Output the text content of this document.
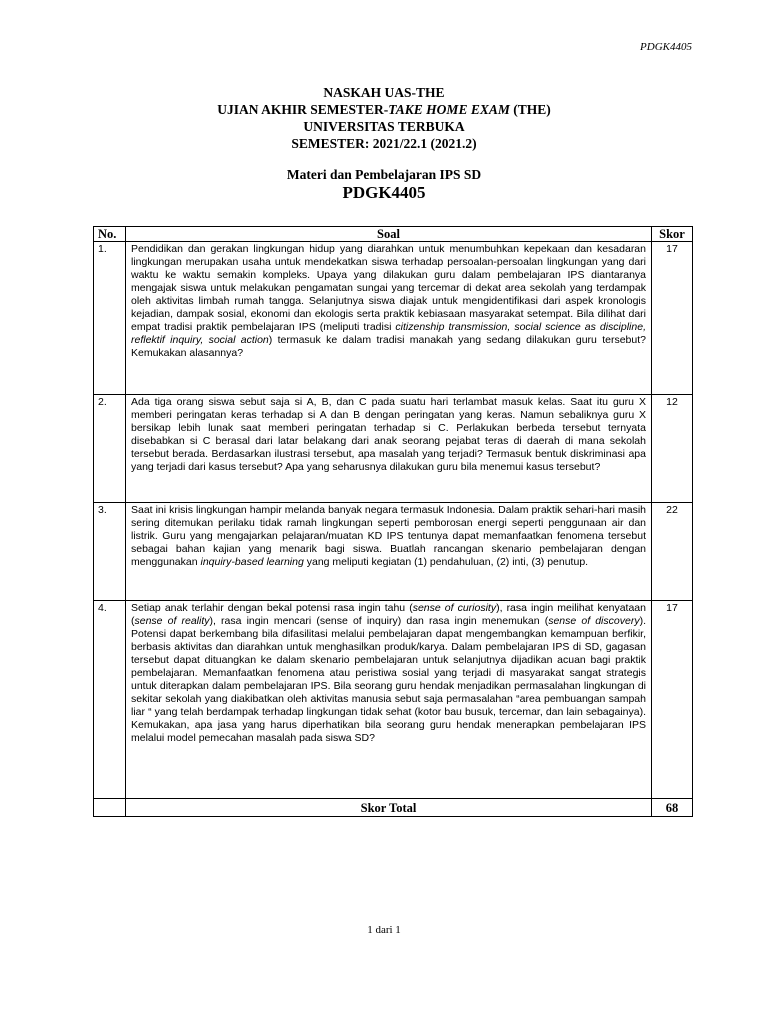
PDGK4405
NASKAH UAS-THE
UJIAN AKHIR SEMESTER-TAKE HOME EXAM (THE)
UNIVERSITAS TERBUKA
SEMESTER: 2021/22.1 (2021.2)
Materi dan Pembelajaran IPS SD
PDGK4405
No.	Soal	Skor
1.	Pendidikan dan gerakan lingkungan hidup yang diarahkan untuk menumbuhkan kepekaan dan kesadaran lingkungan merupakan usaha untuk mendekatkan siswa terhadap persoalan-persoalan lingkungan yang dari waktu ke waktu semakin kompleks. Upaya yang dilakukan guru dalam pembelajaran IPS diantaranya mengajak siswa untuk melakukan pengamatan sungai yang tercemar di dekat area sekolah yang terdampak oleh aktivitas limbah rumah tangga. Selanjutnya siswa diajak untuk mengidentifikasi dari aspek kronologis kejadian, dampak sosial, ekonomi dan ekologis serta praktik kebiasaan masyarakat setempat. Bila dilihat dari empat tradisi praktik pembelajaran IPS (meliputi tradisi citizenship transmission, social science as discipline, reflektif inquiry, social action) termasuk ke dalam tradisi manakah yang sedang dilakukan guru tersebut?Kemukakan alasannya?	17
2.	Ada tiga orang siswa sebut saja si A, B, dan C pada suatu hari terlambat masuk kelas. Saat itu guru X memberi peringatan keras terhadap si A dan B dengan peringatan yang keras. Namun sebaliknya guru X bersikap lebih lunak saat memberi peringatan terhadap si C. Perlakukan berbeda tersebut ternyata disebabkan si C berasal dari latar belakang dari anak seorang pejabat teras di daerah di mana sekolah tersebut berada. Berdasarkan ilustrasi tersebut, apa masalah yang terjadi? Termasuk bentuk diskriminasi apa yang terjadi dari kasus tersebut? Apa yang seharusnya dilakukan guru bila menemui kasus tersebut?	12
3.	Saat ini krisis lingkungan hampir melanda banyak negara termasuk Indonesia. Dalam praktik sehari-hari masih sering ditemukan perilaku tidak ramah lingkungan seperti pemborosan energi seperti penggunaan air dan listrik. Guru yang mengajarkan pelajaran/muatan KD IPS tentunya dapat memanfaatkan fenomena tersebut sebagai bahan kajian yang menarik bagi siswa. Buatlah rancangan skenario pembelajaran dengan menggunakan inquiry-based learning yang meliputi kegiatan (1) pendahuluan, (2) inti, (3) penutup.	22
4.	Setiap anak terlahir dengan bekal potensi rasa ingin tahu (sense of curiosity), rasa ingin meilihat kenyataan (sense of reality), rasa ingin mencari (sense of inquiry) dan rasa ingin menemukan (sense of discovery). Potensi dapat berkembang bila difasilitasi melalui pembelajaran dapat mengembangkan kemampuan berfikir, berbasis aktivitas dan diarahkan untuk menghasilkan produk/karya. Dalam pembelajaran IPS di SD, gagasan tersebut dapat dituangkan ke dalam skenario pembelajaran untuk selanjutnya dijadikan acuan bagi praktik pembelajaran. Memanfaatkan fenomena atau peristiwa sosial yang terjadi di masyarakat sangat strategis untuk diterapkan dalam pembelajaran IPS. Bila seorang guru hendak menjadikan permasalahan lingkungan di sekitar sekolah yang diakibatkan oleh aktivitas manusia sebut saja permasalahan “area pembuangan sampah liar “ yang telah berdampak terhadap lingkungan tidak sehat (kotor bau busuk, tercemar, dan lain sebagainya). Kemukakan, apa jasa yang harus diperhatikan bila seorang guru hendak menerapkan pembelajaran IPS melalui model pemecahan masalah pada siswa SD?	17
	Skor Total	68
1 dari 1
